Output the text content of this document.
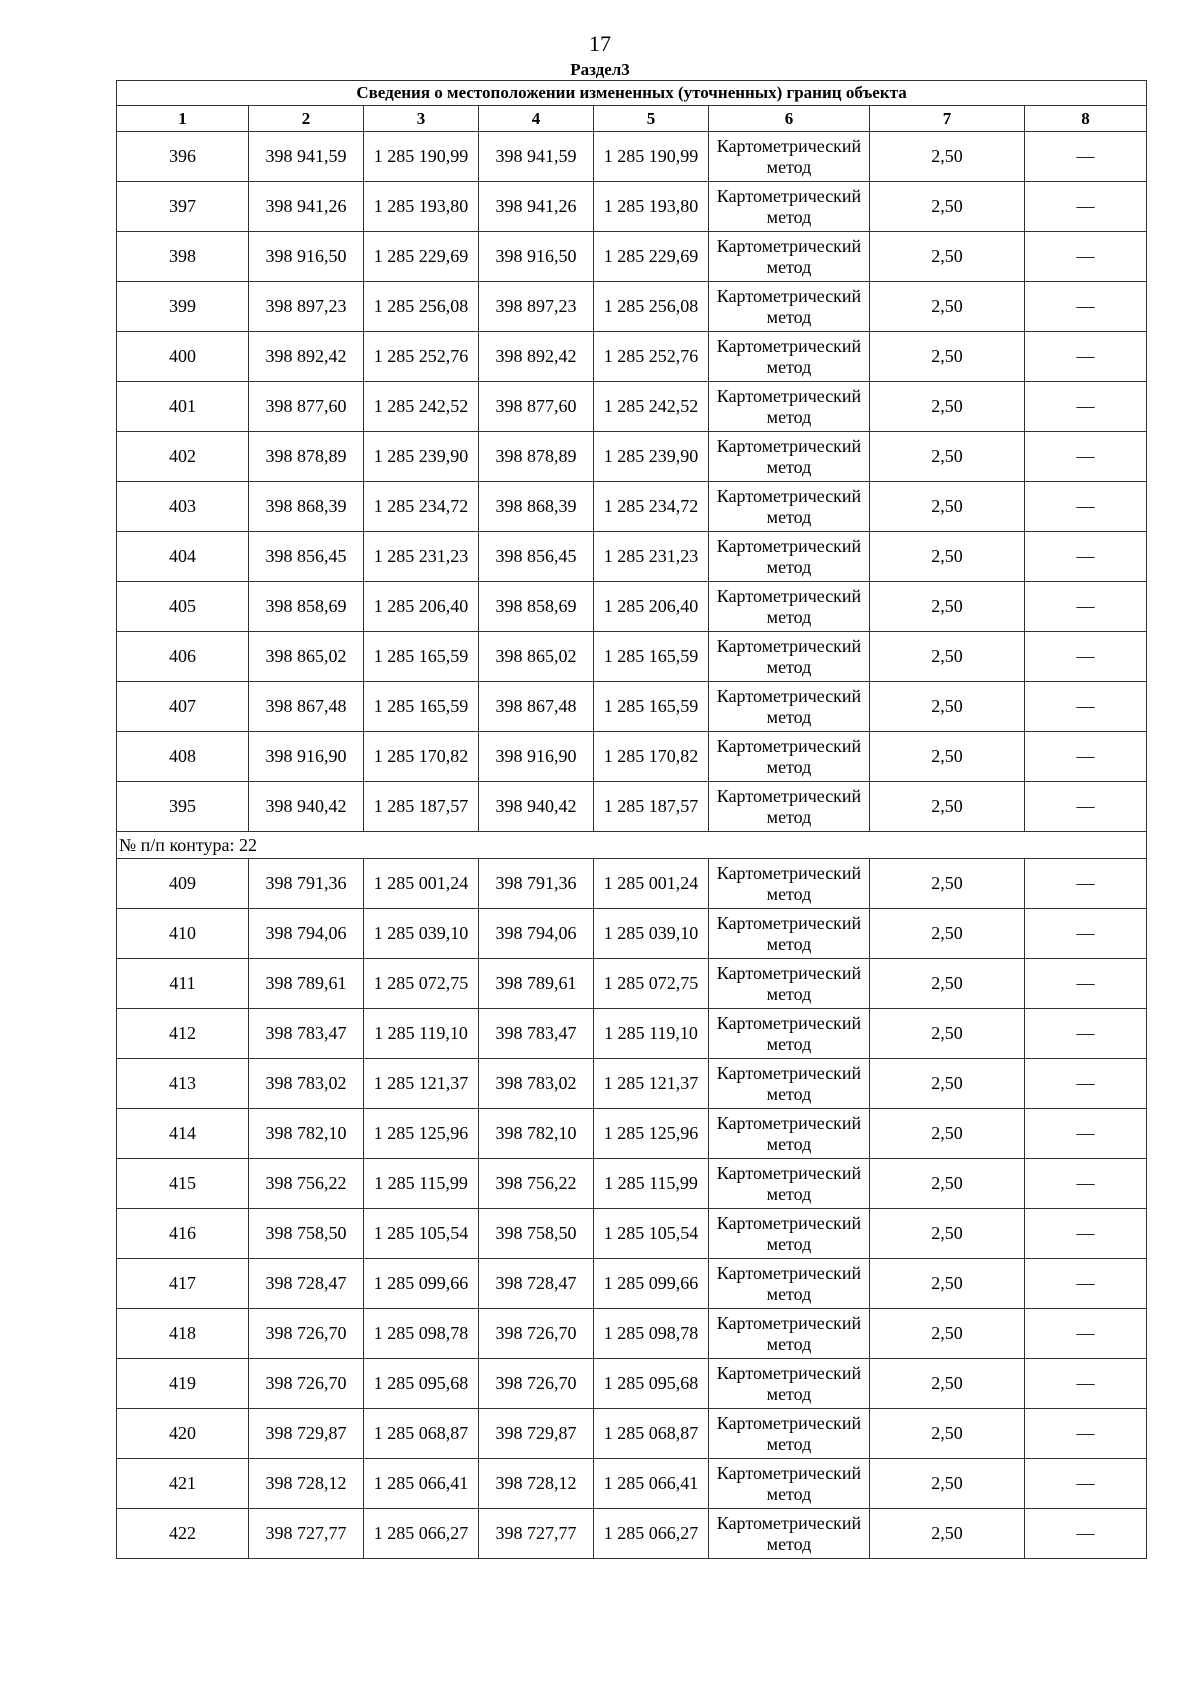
17
Раздел3
Сведения о местоположении измененных (уточненных) границ объекта							
1	2	3	4	5	6	7	8
396	398 941,59	1 285 190,99	398 941,59	1 285 190,99	Картометрический метод	2,50	—
397	398 941,26	1 285 193,80	398 941,26	1 285 193,80	Картометрический метод	2,50	—
398	398 916,50	1 285 229,69	398 916,50	1 285 229,69	Картометрический метод	2,50	—
399	398 897,23	1 285 256,08	398 897,23	1 285 256,08	Картометрический метод	2,50	—
400	398 892,42	1 285 252,76	398 892,42	1 285 252,76	Картометрический метод	2,50	—
401	398 877,60	1 285 242,52	398 877,60	1 285 242,52	Картометрический метод	2,50	—
402	398 878,89	1 285 239,90	398 878,89	1 285 239,90	Картометрический метод	2,50	—
403	398 868,39	1 285 234,72	398 868,39	1 285 234,72	Картометрический метод	2,50	—
404	398 856,45	1 285 231,23	398 856,45	1 285 231,23	Картометрический метод	2,50	—
405	398 858,69	1 285 206,40	398 858,69	1 285 206,40	Картометрический метод	2,50	—
406	398 865,02	1 285 165,59	398 865,02	1 285 165,59	Картометрический метод	2,50	—
407	398 867,48	1 285 165,59	398 867,48	1 285 165,59	Картометрический метод	2,50	—
408	398 916,90	1 285 170,82	398 916,90	1 285 170,82	Картометрический метод	2,50	—
395	398 940,42	1 285 187,57	398 940,42	1 285 187,57	Картометрический метод	2,50	—
№ п/п контура: 22							
409	398 791,36	1 285 001,24	398 791,36	1 285 001,24	Картометрический метод	2,50	—
410	398 794,06	1 285 039,10	398 794,06	1 285 039,10	Картометрический метод	2,50	—
411	398 789,61	1 285 072,75	398 789,61	1 285 072,75	Картометрический метод	2,50	—
412	398 783,47	1 285 119,10	398 783,47	1 285 119,10	Картометрический метод	2,50	—
413	398 783,02	1 285 121,37	398 783,02	1 285 121,37	Картометрический метод	2,50	—
414	398 782,10	1 285 125,96	398 782,10	1 285 125,96	Картометрический метод	2,50	—
415	398 756,22	1 285 115,99	398 756,22	1 285 115,99	Картометрический метод	2,50	—
416	398 758,50	1 285 105,54	398 758,50	1 285 105,54	Картометрический метод	2,50	—
417	398 728,47	1 285 099,66	398 728,47	1 285 099,66	Картометрический метод	2,50	—
418	398 726,70	1 285 098,78	398 726,70	1 285 098,78	Картометрический метод	2,50	—
419	398 726,70	1 285 095,68	398 726,70	1 285 095,68	Картометрический метод	2,50	—
420	398 729,87	1 285 068,87	398 729,87	1 285 068,87	Картометрический метод	2,50	—
421	398 728,12	1 285 066,41	398 728,12	1 285 066,41	Картометрический метод	2,50	—
422	398 727,77	1 285 066,27	398 727,77	1 285 066,27	Картометрический метод	2,50	—
